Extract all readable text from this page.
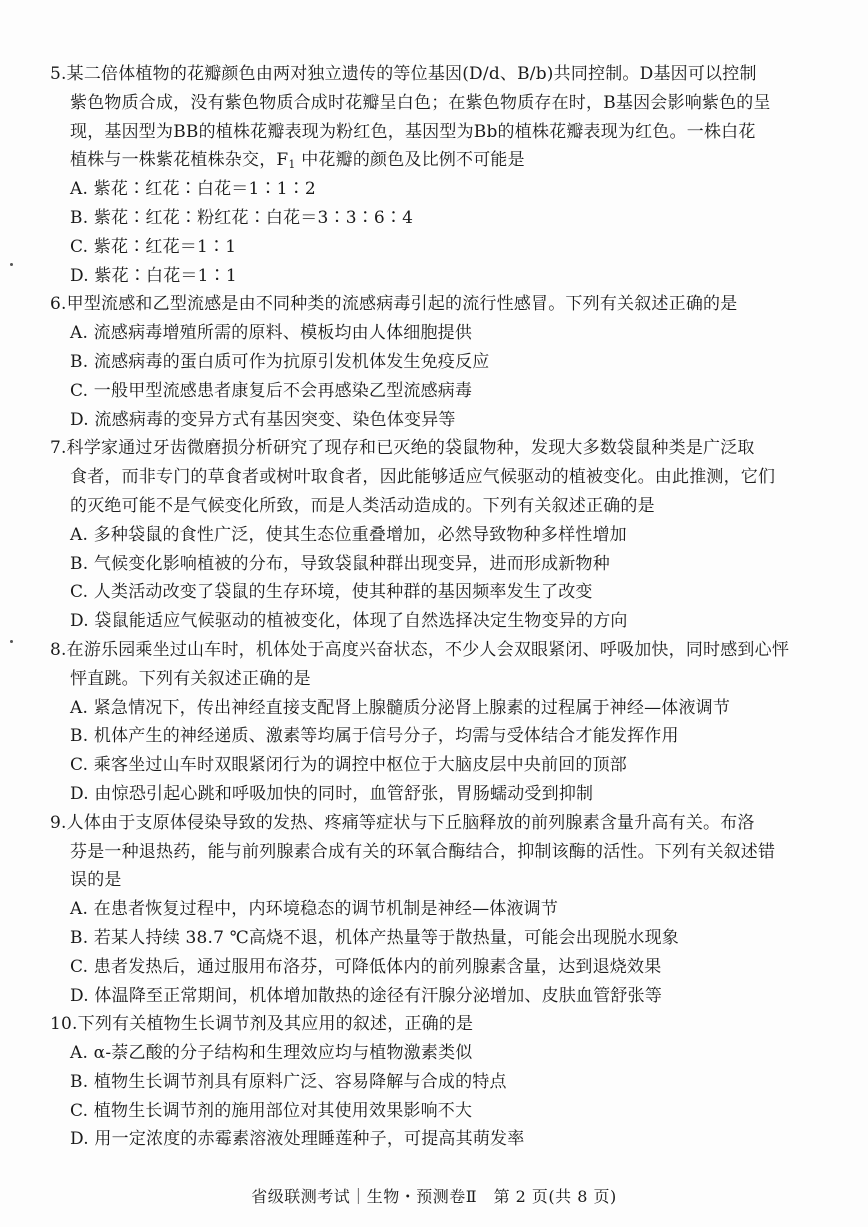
5.某二倍体植物的花瓣颜色由两对独立遗传的等位基因(D/d、B/b)共同控制。D基因可以控制
紫色物质合成，没有紫色物质合成时花瓣呈白色；在紫色物质存在时，B基因会影响紫色的呈
现，基因型为BB的植株花瓣表现为粉红色，基因型为Bb的植株花瓣表现为红色。一株白花
植株与一株紫花植株杂交，$F_1$ 中花瓣的颜色及比例不可能是
A. 紫花∶红花∶白花＝1∶1∶2
B. 紫花∶红花∶粉红花∶白花＝3∶3∶6∶4
C. 紫花∶红花＝1∶1
D. 紫花∶白花＝1∶1
6.甲型流感和乙型流感是由不同种类的流感病毒引起的流行性感冒。下列有关叙述正确的是
A. 流感病毒增殖所需的原料、模板均由人体细胞提供
B. 流感病毒的蛋白质可作为抗原引发机体发生免疫反应
C. 一般甲型流感患者康复后不会再感染乙型流感病毒
D. 流感病毒的变异方式有基因突变、染色体变异等
7.科学家通过牙齿微磨损分析研究了现存和已灭绝的袋鼠物种，发现大多数袋鼠种类是广泛取
食者，而非专门的草食者或树叶取食者，因此能够适应气候驱动的植被变化。由此推测，它们
的灭绝可能不是气候变化所致，而是人类活动造成的。下列有关叙述正确的是
A. 多种袋鼠的食性广泛，使其生态位重叠增加，必然导致物种多样性增加
B. 气候变化影响植被的分布，导致袋鼠种群出现变异，进而形成新物种
C. 人类活动改变了袋鼠的生存环境，使其种群的基因频率发生了改变
D. 袋鼠能适应气候驱动的植被变化，体现了自然选择决定生物变异的方向
8.在游乐园乘坐过山车时，机体处于高度兴奋状态，不少人会双眼紧闭、呼吸加快，同时感到心怦
怦直跳。下列有关叙述正确的是
A. 紧急情况下，传出神经直接支配肾上腺髓质分泌肾上腺素的过程属于神经—体液调节
B. 机体产生的神经递质、激素等均属于信号分子，均需与受体结合才能发挥作用
C. 乘客坐过山车时双眼紧闭行为的调控中枢位于大脑皮层中央前回的顶部
D. 由惊恐引起心跳和呼吸加快的同时，血管舒张，胃肠蠕动受到抑制
9.人体由于支原体侵染导致的发热、疼痛等症状与下丘脑释放的前列腺素含量升高有关。布洛
芬是一种退热药，能与前列腺素合成有关的环氧合酶结合，抑制该酶的活性。下列有关叙述错
误的是
A. 在患者恢复过程中，内环境稳态的调节机制是神经—体液调节
B. 若某人持续 38.7 ℃高烧不退，机体产热量等于散热量，可能会出现脱水现象
C. 患者发热后，通过服用布洛芬，可降低体内的前列腺素含量，达到退烧效果
D. 体温降至正常期间，机体增加散热的途径有汗腺分泌增加、皮肤血管舒张等
10.下列有关植物生长调节剂及其应用的叙述，正确的是
A. α-萘乙酸的分子结构和生理效应均与植物激素类似
B. 植物生长调节剂具有原料广泛、容易降解与合成的特点
C. 植物生长调节剂的施用部位对其使用效果影响不大
D. 用一定浓度的赤霉素溶液处理睡莲种子，可提高其萌发率
省级联测考试｜生物・预测卷Ⅱ　第 2 页(共 8 页)
